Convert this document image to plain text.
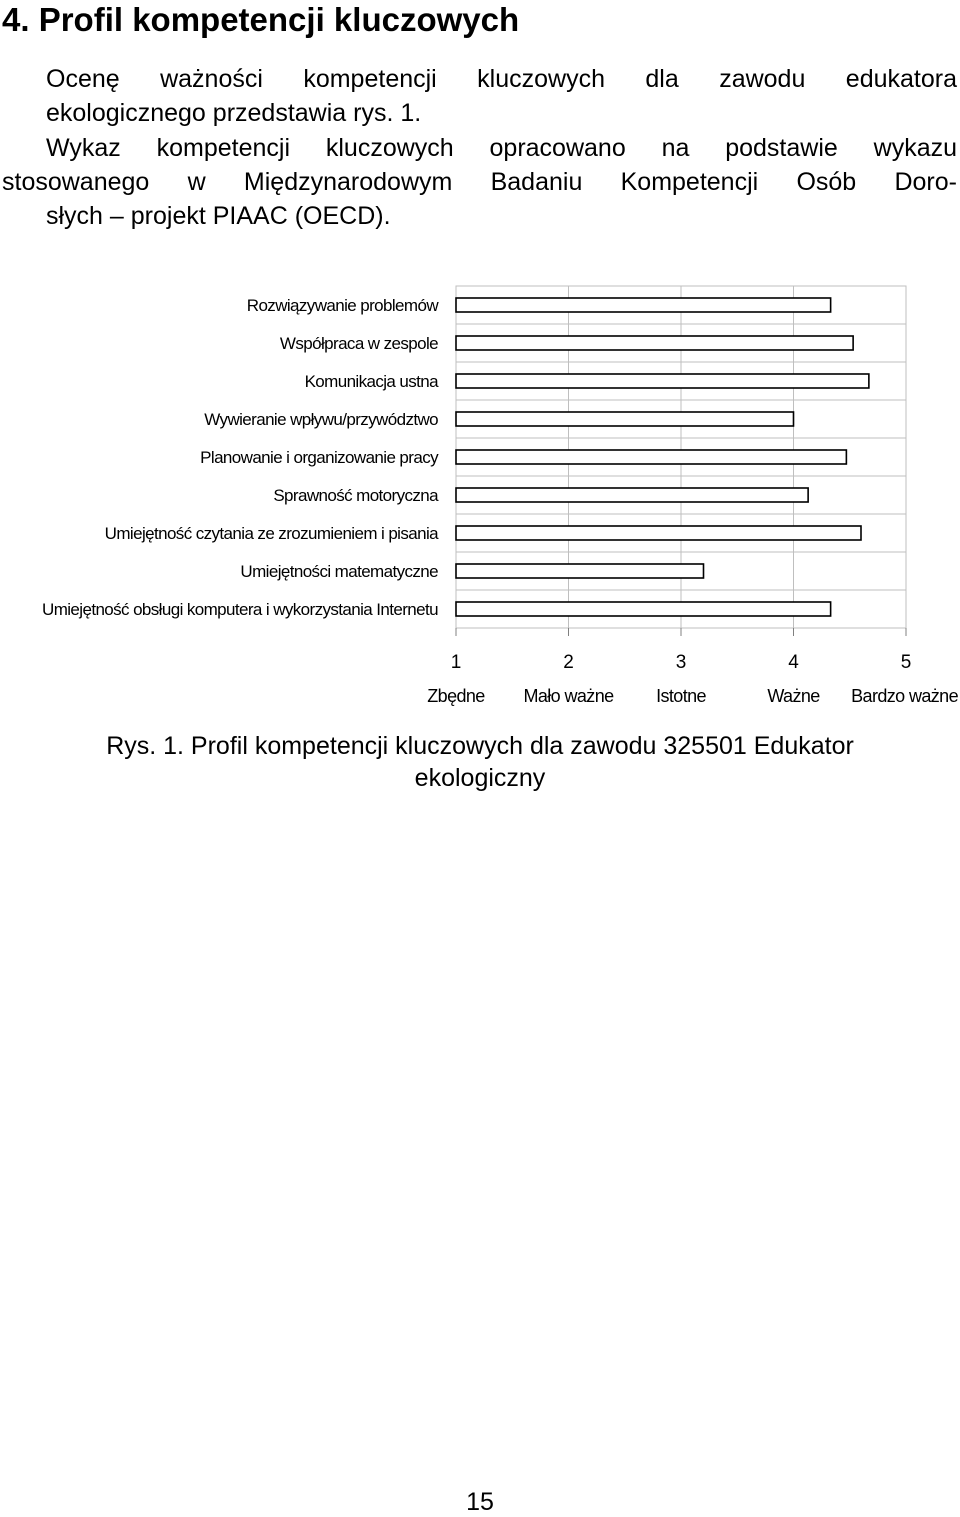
4. Profil kompetencji kluczowych

Ocenę ważności kompetencji kluczowych dla zawodu edukatora
ekologicznego przedstawia rys. 1.

Wykaz kompetencji kluczowych opracowano na podstawie wykazu
stosowanego w Międzynarodowym Badaniu Kompetencji Osób Doro-
słych – projekt PIAAC (OECD).

Rozwiązywanie problemów
Współpraca w zespole
Komunikacja ustna
Wywieranie wpływu/przywództwo
Planowanie i organizowanie pracy
Sprawność motoryczna
Umiejętność czytania ze zrozumieniem i pisania
Umiejętności matematyczne
Umiejętność obsługi komputera i wykorzystania Internetu
1
Zbędne
2
Mało ważne
3
Istotne
4
Ważne
5
Bardzo ważne
Rys. 1. Profil kompetencji kluczowych dla zawodu 325501 Edukator
ekologiczny
15
